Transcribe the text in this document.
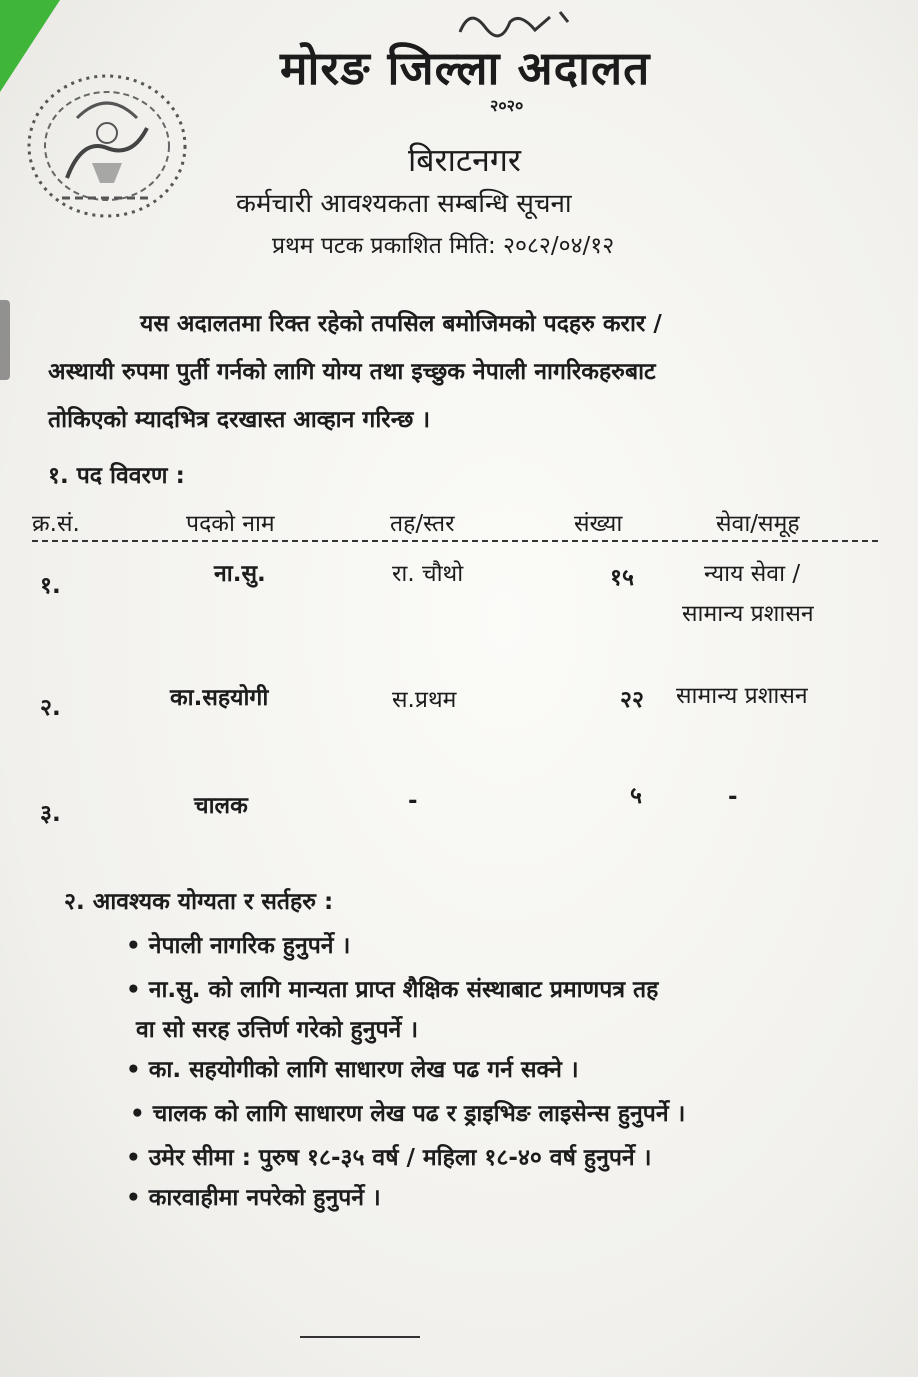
मोरङ जिल्ला अदालत
२०२०
बिराटनगर
कर्मचारी आवश्यकता सम्बन्धि सूचना
प्रथम पटक प्रकाशित मिति: २०८२/०४/१२
यस अदालतमा रिक्त रहेको तपसिल बमोजिमको पदहरु करार /
अस्थायी रुपमा पुर्ती गर्नको लागि योग्य तथा इच्छुक नेपाली नागरिकहरुबाट
तोकिएको म्यादभित्र दरखास्त आव्हान गरिन्छ ।
१. पद विवरण :
क्र.सं.	पदको नाम	तह/स्तर	संख्या	सेवा/समूह
१.	ना.सु.	रा. चौथो	१५	न्याय सेवा /
सामान्य प्रशासन
२.	का.सहयोगी	स.प्रथम	२२ सामान्य प्रशासन
३.	चालक	-	५	-
२. आवश्यक योग्यता र सर्तहरु :
• नेपाली नागरिक हुनुपर्ने ।
• ना.सु. को लागि मान्यता प्राप्त शैक्षिक संस्थाबाट प्रमाणपत्र तह
वा सो सरह उत्तिर्ण गरेको हुनुपर्ने ।
• का. सहयोगीको लागि साधारण लेख पढ गर्न सक्ने ।
• चालक को लागि साधारण लेख पढ र ड्राइभिङ लाइसेन्स हुनुपर्ने ।
• उमेर सीमा : पुरुष १८-३५ वर्ष / महिला १८-४० वर्ष हुनुपर्ने ।
• कारवाहीमा नपरेको हुनुपर्ने ।
